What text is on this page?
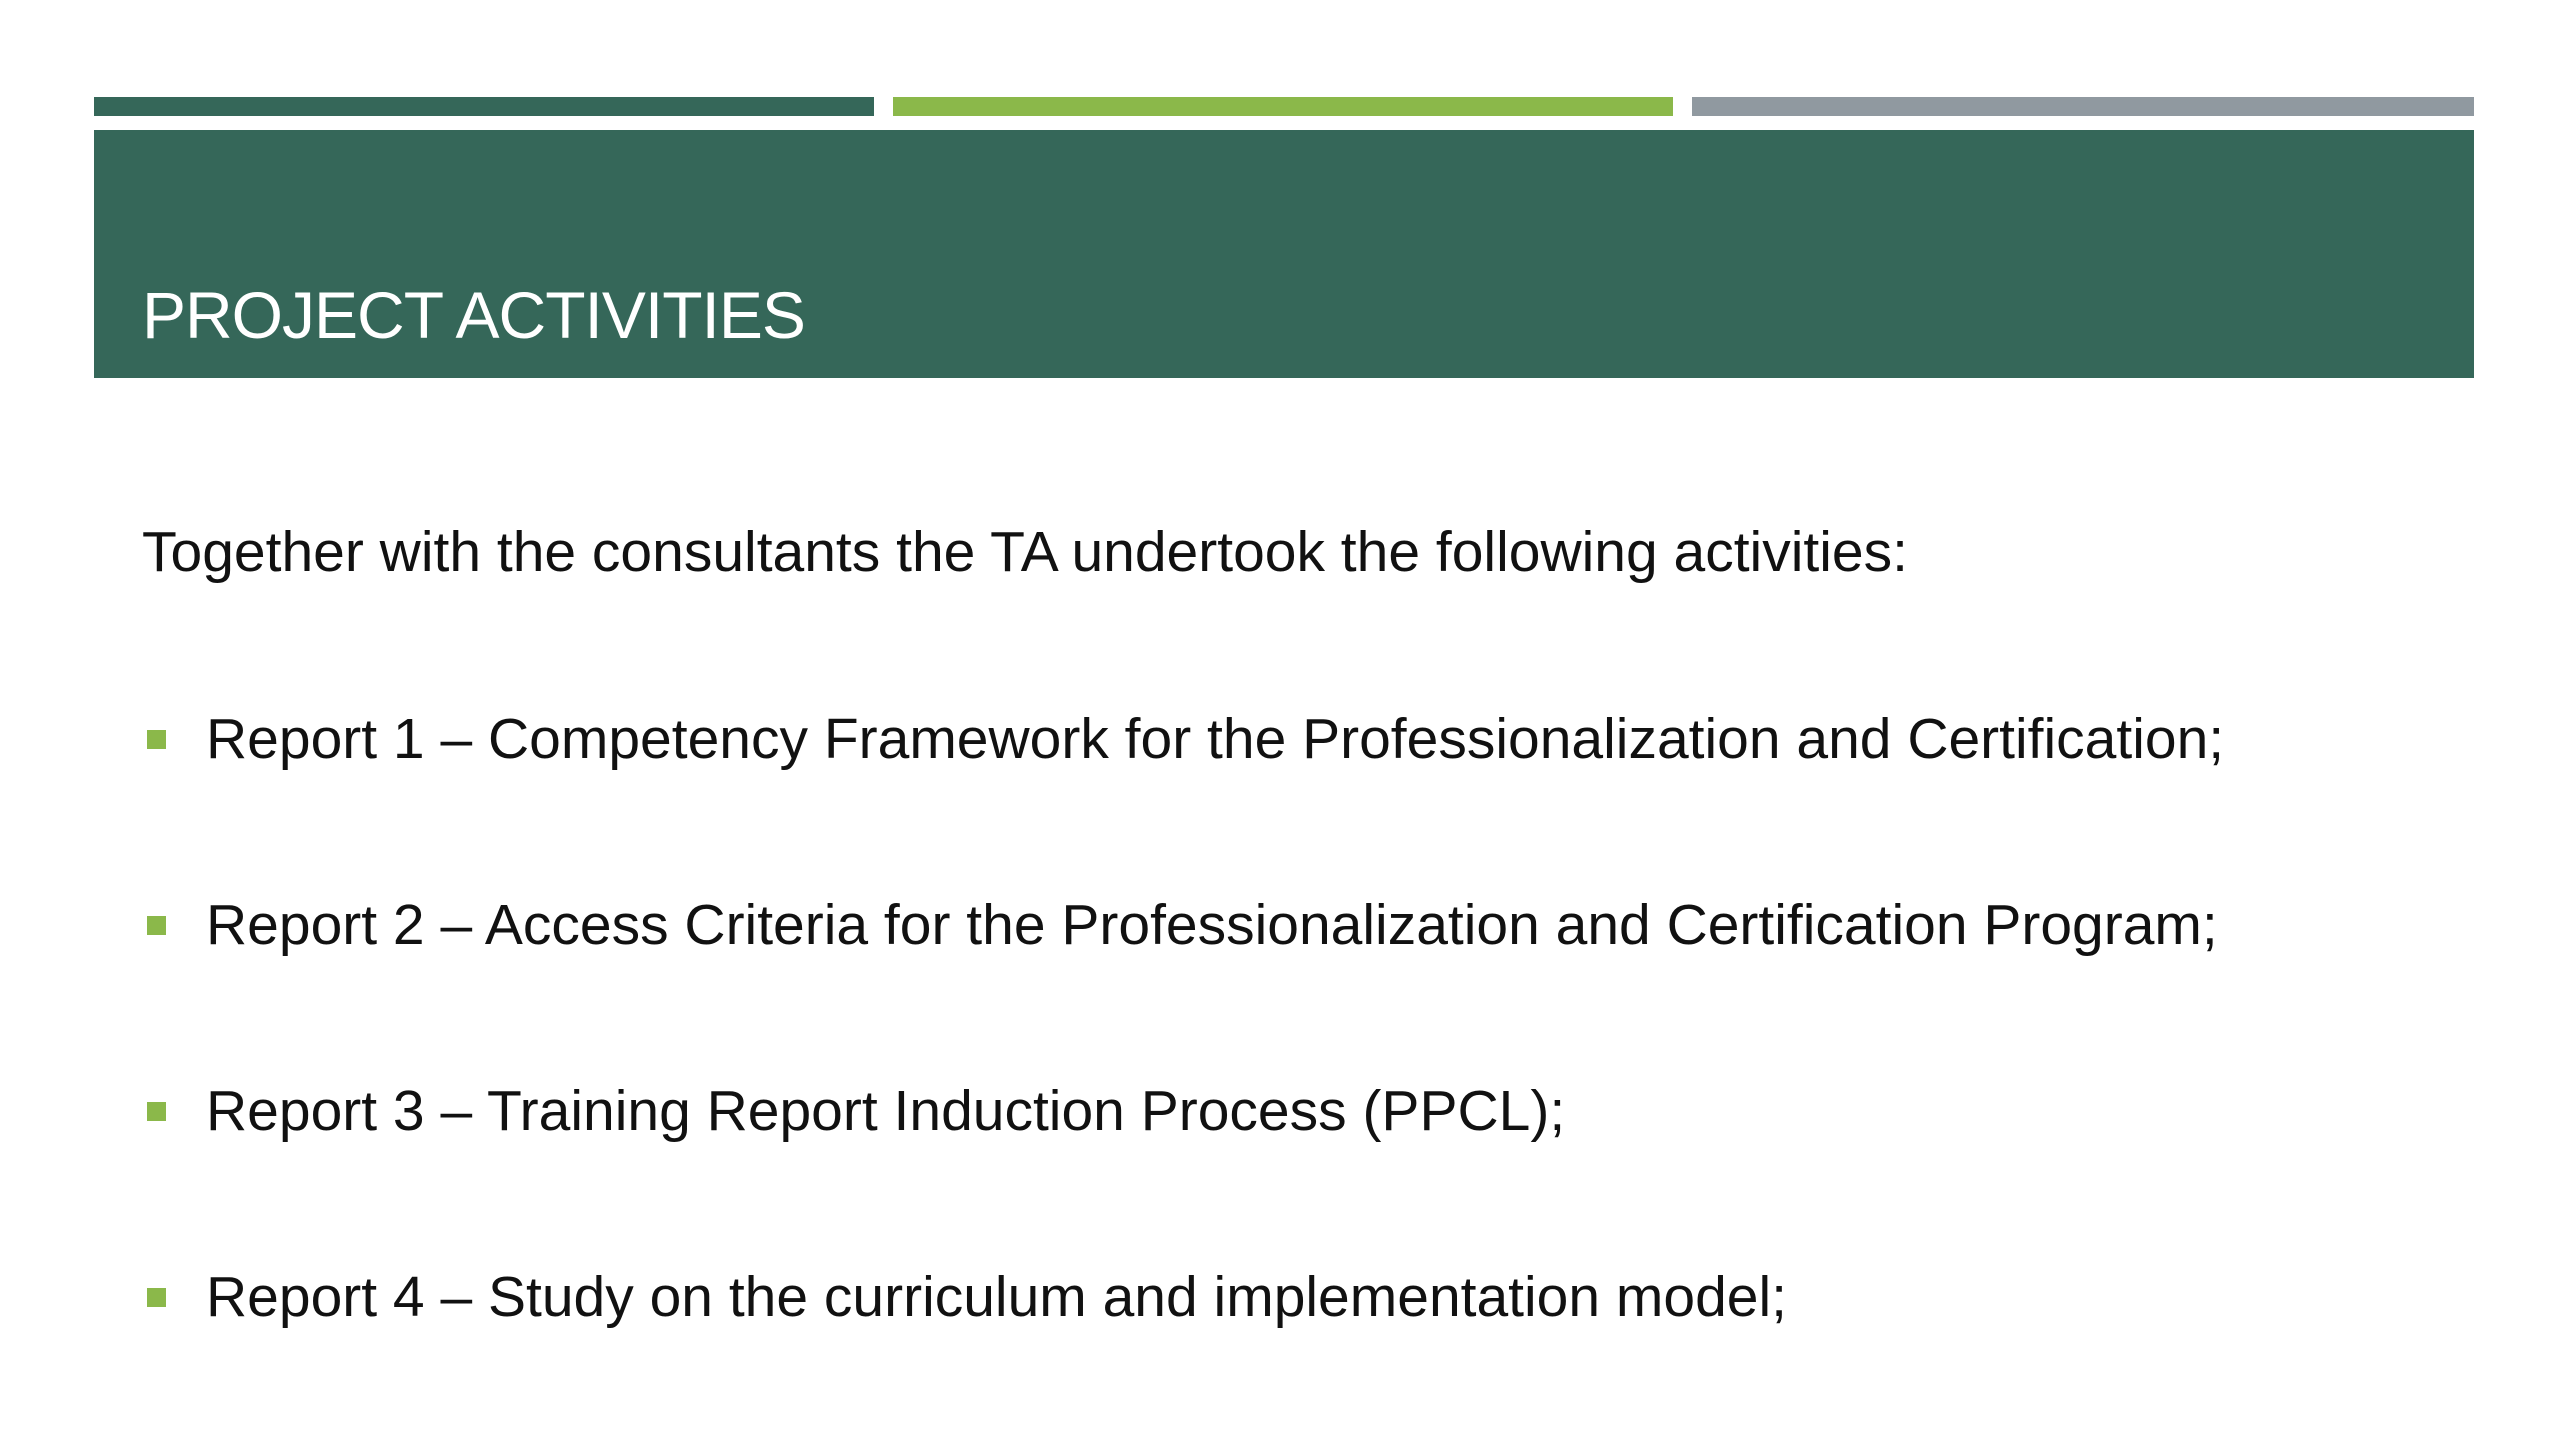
PROJECT ACTIVITIES

Together with the consultants the TA undertook the following activities:

Report 1 – Competency Framework for the Professionalization and Certification;
Report 2 – Access Criteria for the Professionalization and Certification Program;
Report 3 – Training Report Induction Process (PPCL);
Report 4 – Study on the curriculum and implementation model;
